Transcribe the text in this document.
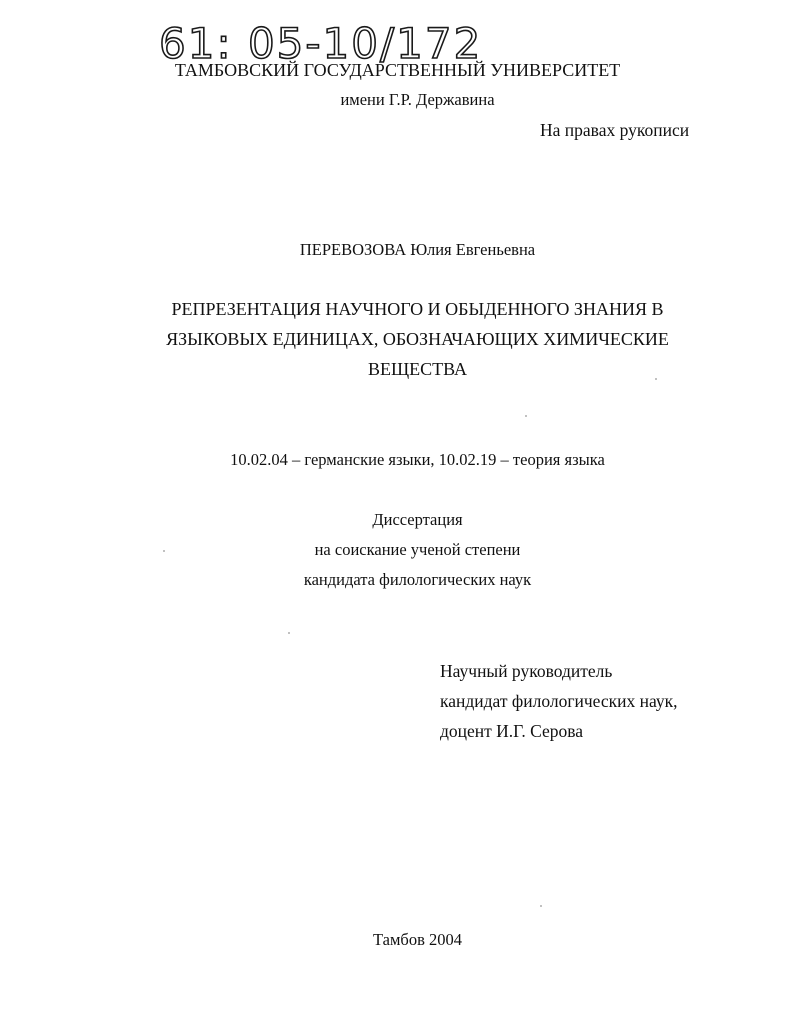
61: 05-10/172
ТАМБОВСКИЙ ГОСУДАРСТВЕННЫЙ УНИВЕРСИТЕТ
имени Г.Р. Державина
На правах рукописи
ПЕРЕВОЗОВА Юлия Евгеньевна
РЕПРЕЗЕНТАЦИЯ НАУЧНОГО И ОБЫДЕННОГО ЗНАНИЯ В
ЯЗЫКОВЫХ ЕДИНИЦАХ, ОБОЗНАЧАЮЩИХ ХИМИЧЕСКИЕ
ВЕЩЕСТВА
10.02.04 – германские языки, 10.02.19 – теория языка
Диссертация
на соискание ученой степени
кандидата филологических наук
Научный руководитель
кандидат филологических наук,
доцент И.Г. Серова
Тамбов 2004
